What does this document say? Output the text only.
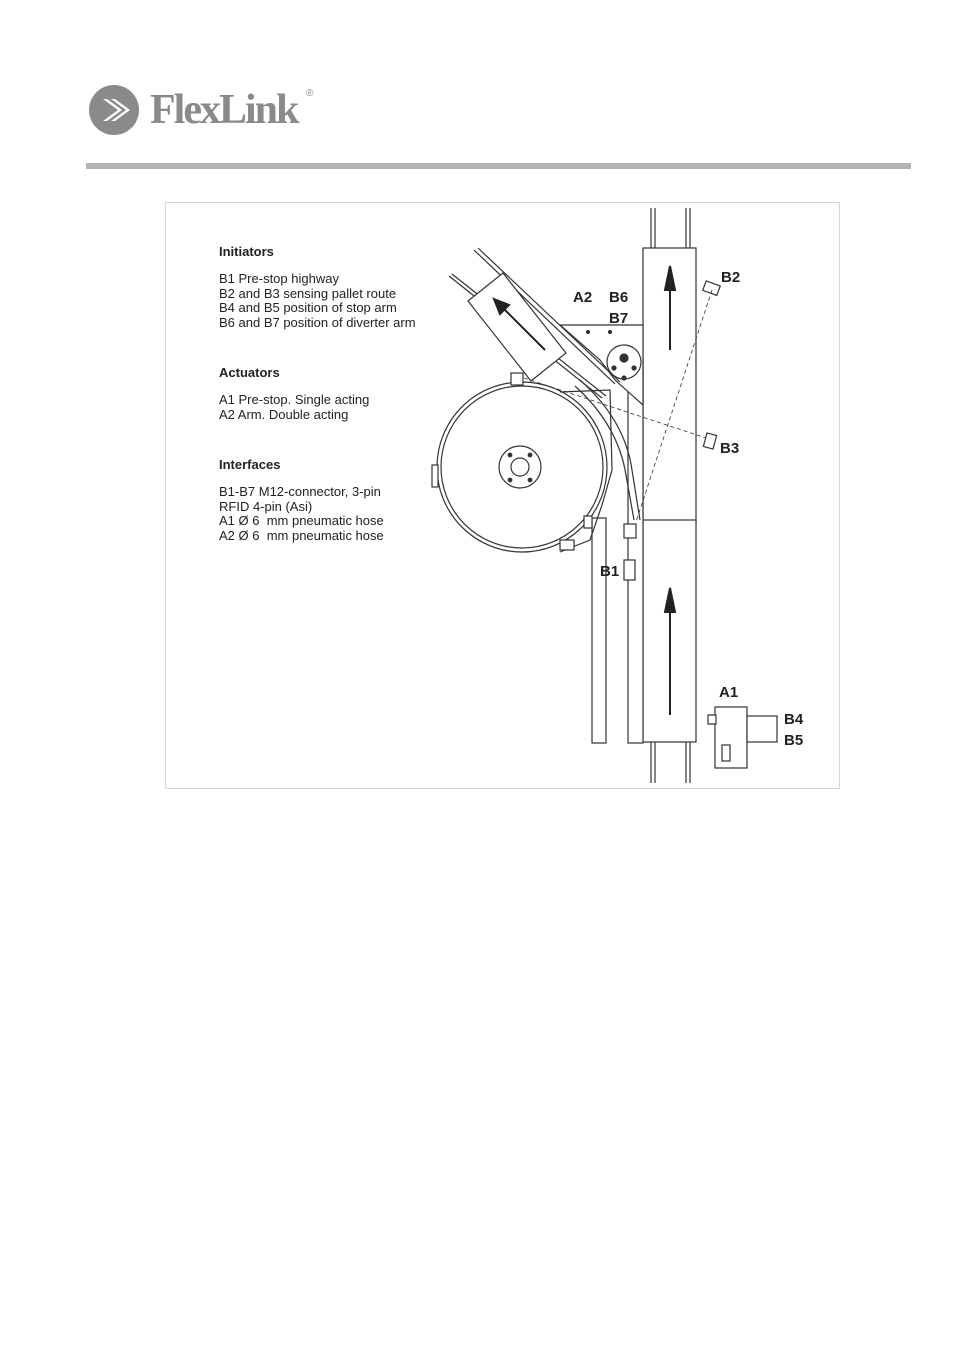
FlexLink ®
Initiators
B1 Pre-stop highway
B2 and B3 sensing pallet route
B4 and B5 position of stop arm
B6 and B7 position of diverter arm
Actuators
A1 Pre-stop. Single acting
A2 Arm. Double acting
Interfaces
B1-B7 M12-connector, 3-pin
RFID 4-pin (Asi)
A1 Ø 6  mm pneumatic hose
A2 Ø 6  mm pneumatic hose
A2 B6
B7
B2
B3
B1
A1
B4
B5
